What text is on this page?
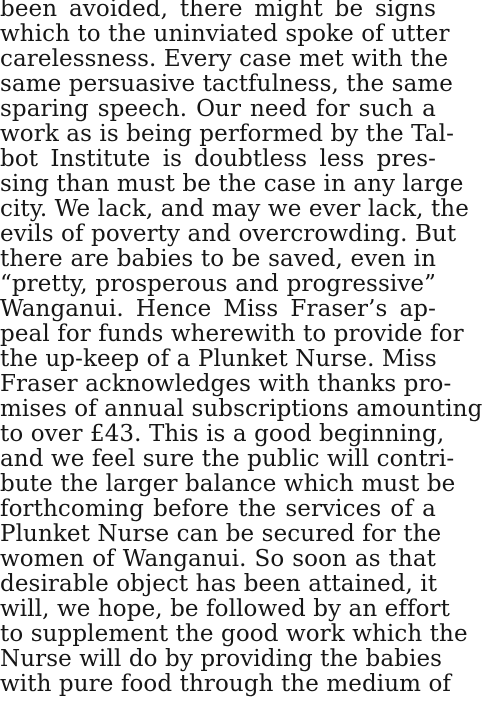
been avoided, there might be signs
which to the uninviated spoke of utter
carelessness. Every case met with the
same persuasive tactfulness, the same
sparing speech. Our need for such a
work as is being performed by the Tal-
bot Institute is doubtless less pres-
sing than must be the case in any large
city. We lack, and may we ever lack, the
evils of poverty and overcrowding. But
there are babies to be saved, even in
“pretty, prosperous and progressive”
Wanganui. Hence Miss Fraser’s ap-
peal for funds wherewith to provide for
the up-keep of a Plunket Nurse. Miss
Fraser acknowledges with thanks pro-
mises of annual subscriptions amounting
to over £43. This is a good beginning,
and we feel sure the public will contri-
bute the larger balance which must be
forthcoming before the services of a
Plunket Nurse can be secured for the
women of Wanganui. So soon as that
desirable object has been attained, it
will, we hope, be followed by an effort
to supplement the good work which the
Nurse will do by providing the babies
with pure food through the medium of
